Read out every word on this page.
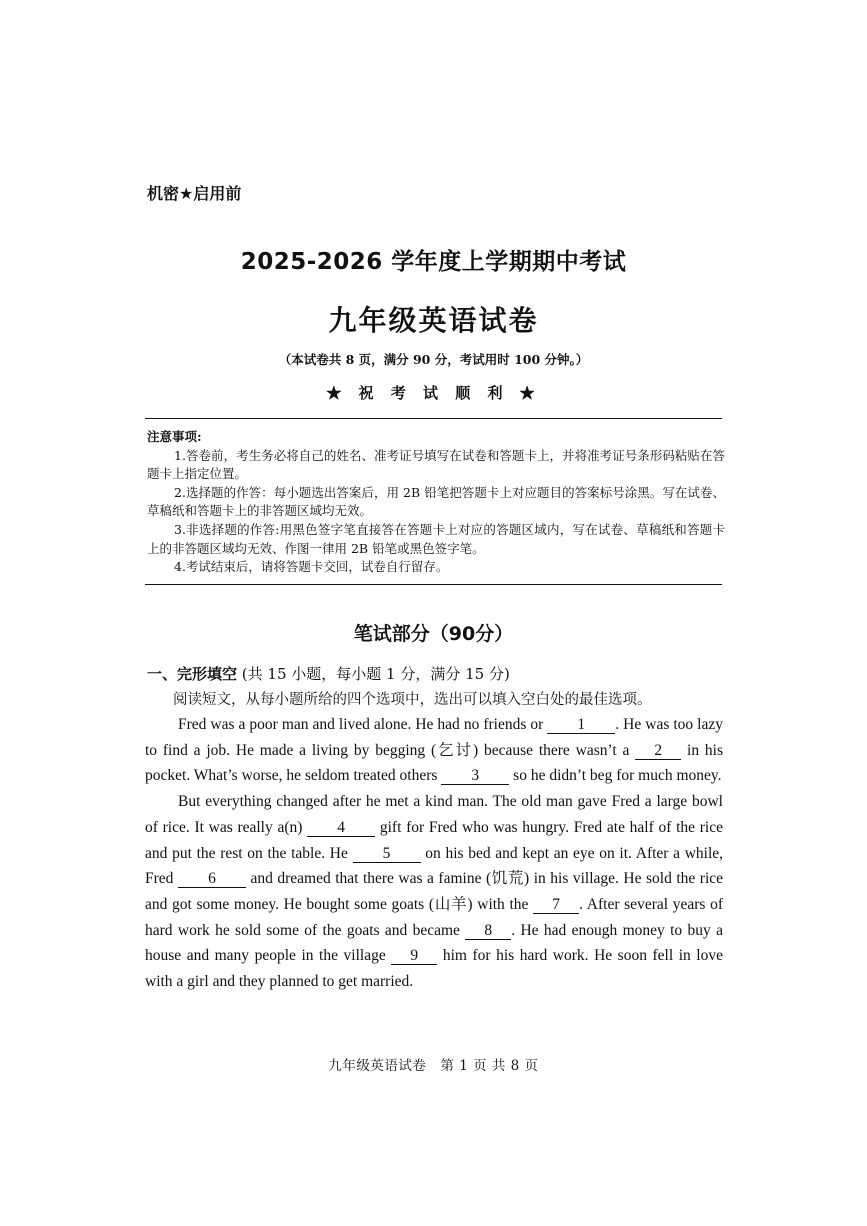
机密★启用前
2025-2026 学年度上学期期中考试
九年级英语试卷
（本试卷共 8 页，满分 90 分，考试用时 100 分钟。）
★ 祝 考 试 顺 利 ★
注意事项:
1.答卷前，考生务必将自己的姓名、准考证号填写在试卷和答题卡上，并将准考证号条形码粘贴在答题卡上指定位置。
2.选择题的作答：每小题选出答案后，用 2B 铅笔把答题卡上对应题目的答案标号涂黑。写在试卷、草稿纸和答题卡上的非答题区域均无效。
3.非选择题的作答:用黑色签字笔直接答在答题卡上对应的答题区域内，写在试卷、草稿纸和答题卡上的非答题区域均无效、作图一律用 2B 铅笔或黑色签字笔。
4.考试结束后，请将答题卡交回，试卷自行留存。
笔试部分（90分）
一、完形填空 (共 15 小题，每小题 1 分，满分 15 分)
阅读短文，从每小题所给的四个选项中，选出可以填入空白处的最佳选项。

Fred was a poor man and lived alone. He had no friends or 1 . He was too lazy to find a job. He made a living by begging (乞讨) because there wasn’t a 2 in his pocket. What’s worse, he seldom treated others 3 so he didn’t beg for much money.

But everything changed after he met a kind man. The old man gave Fred a large bowl of rice. It was really a(n) 4 gift for Fred who was hungry. Fred ate half of the rice and put the rest on the table. He 5 on his bed and kept an eye on it. After a while, Fred 6 and dreamed that there was a famine (饥荒) in his village. He sold the rice and got some money. He bought some goats (山羊) with the 7 . After several years of hard work he sold some of the goats and became 8 . He had enough money to buy a house and many people in the village 9 him for his hard work. He soon fell in love with a girl and they planned to get married.

九年级英语试卷　第 1 页 共 8 页
